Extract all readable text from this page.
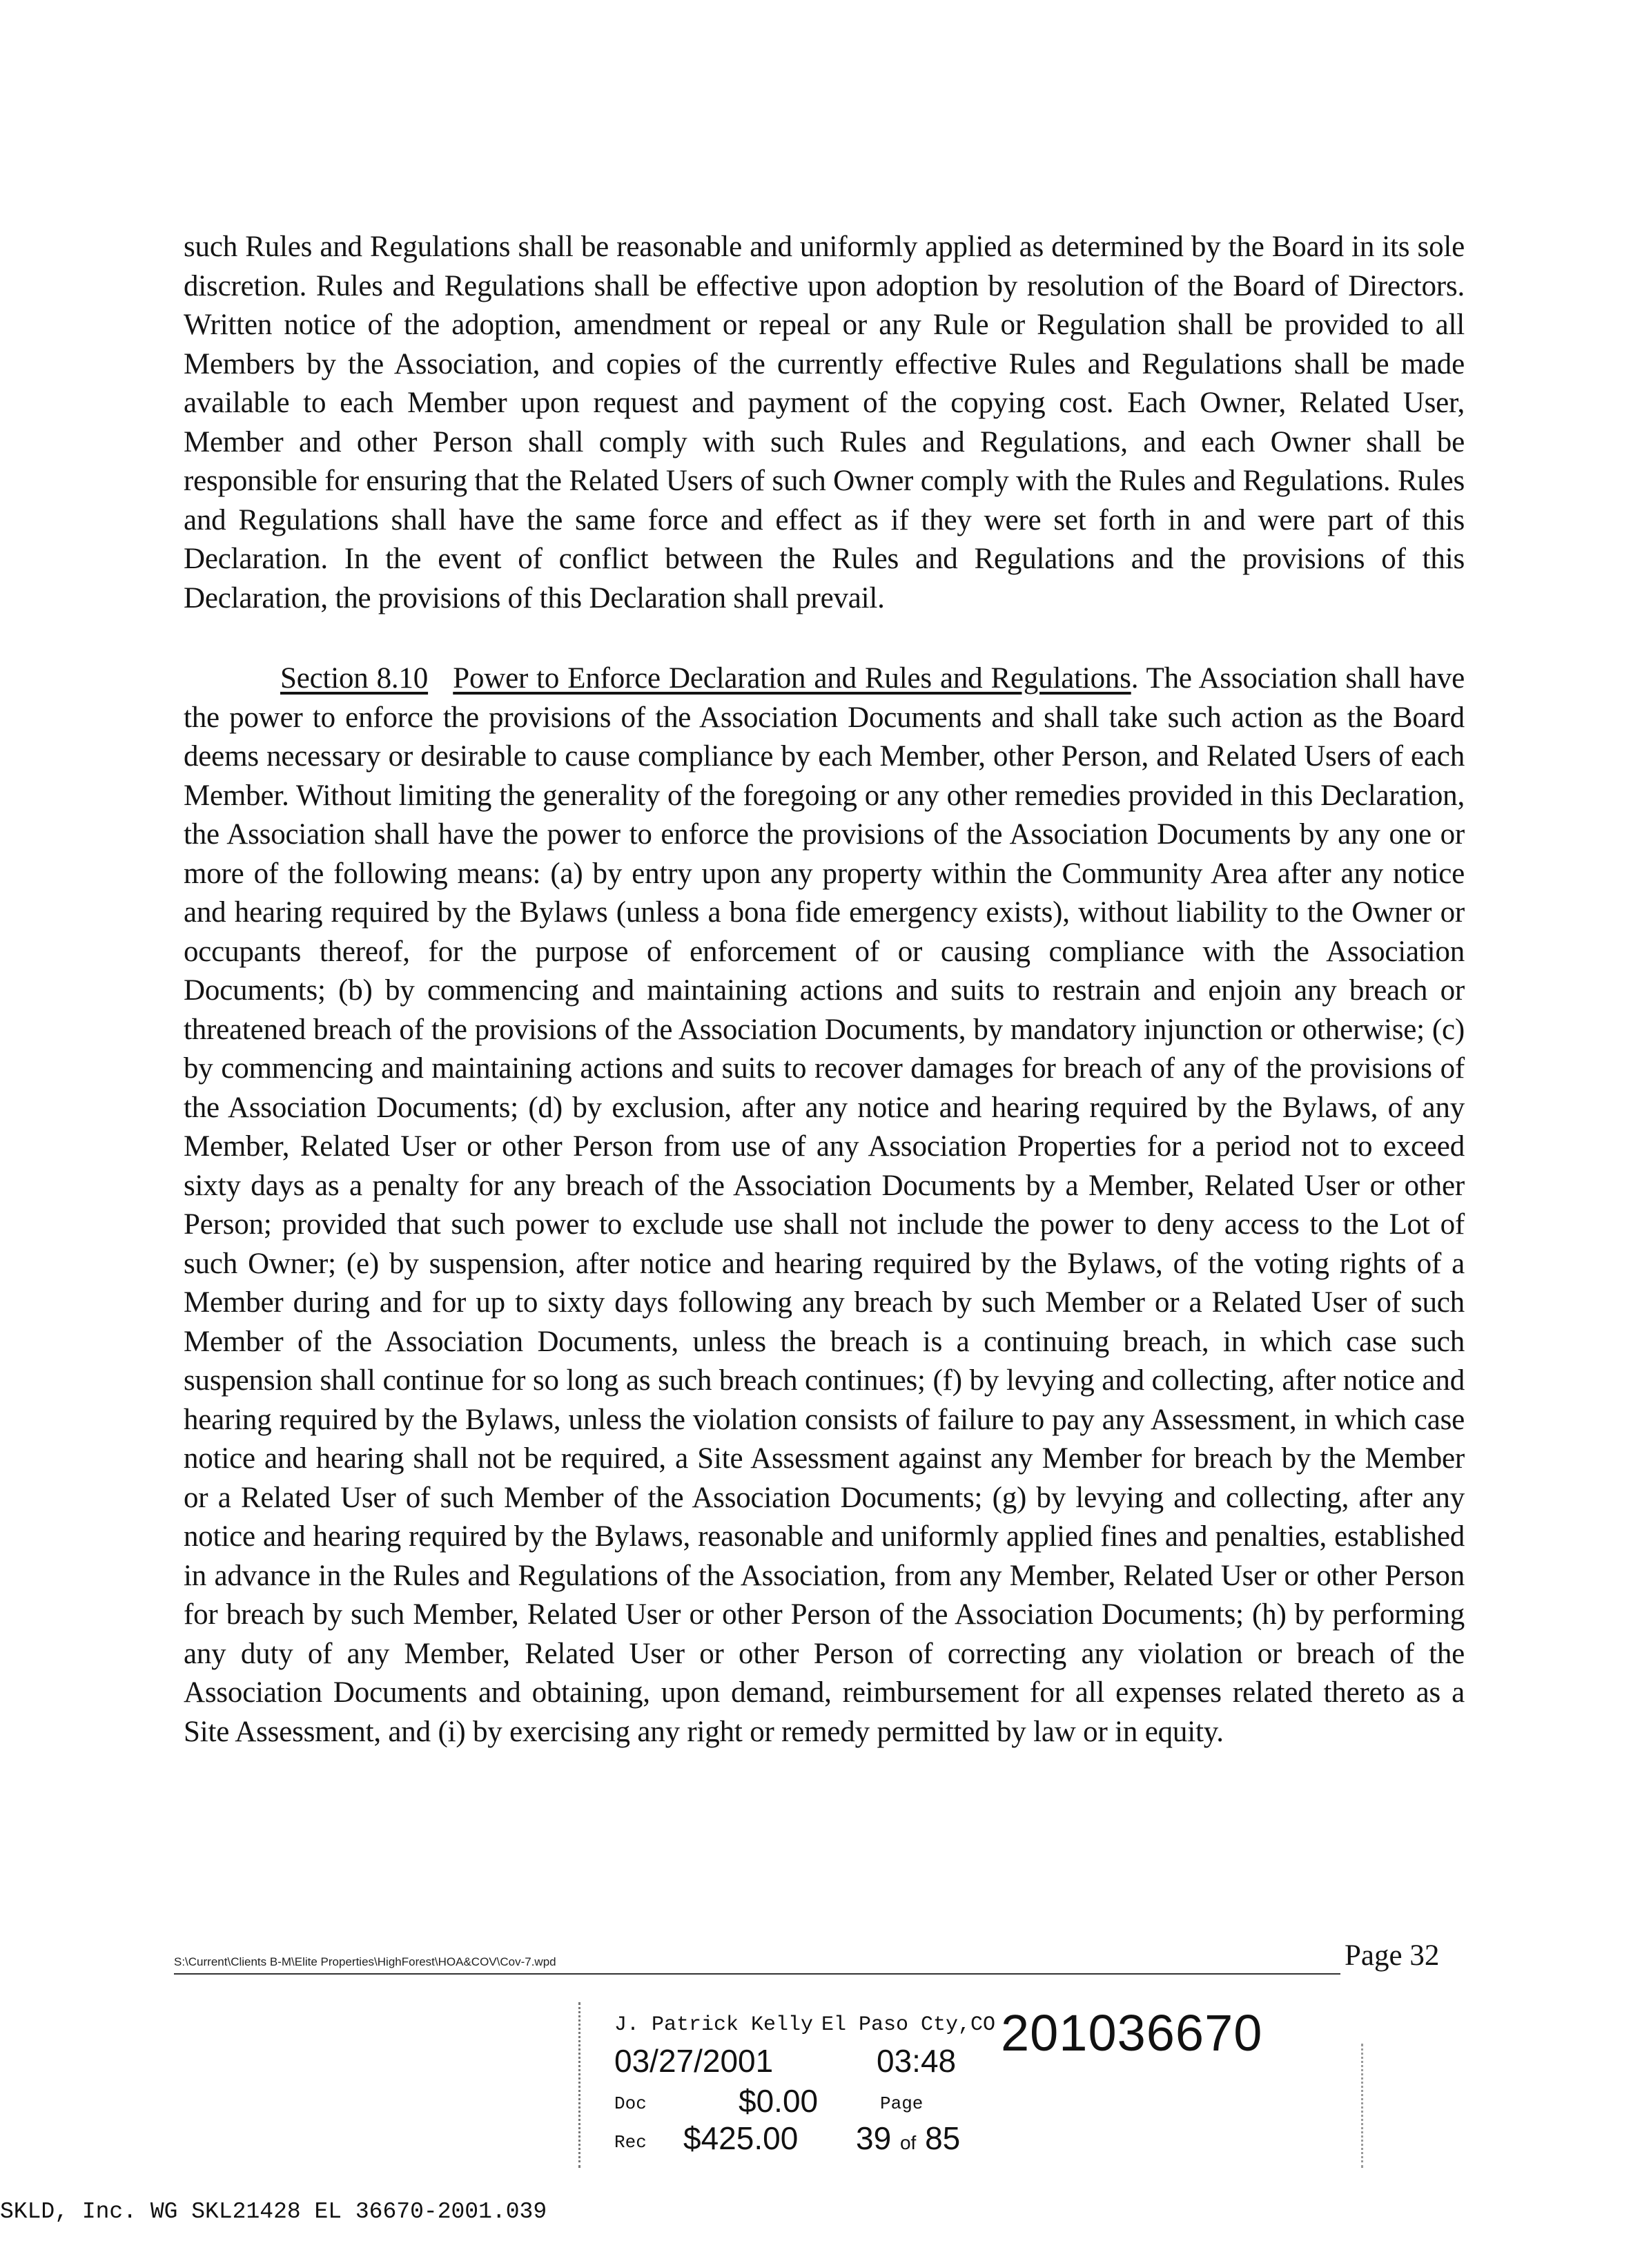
such Rules and Regulations shall be reasonable and uniformly applied as determined by the Board in its sole discretion. Rules and Regulations shall be effective upon adoption by resolution of the Board of Directors. Written notice of the adoption, amendment or repeal or any Rule or Regulation shall be provided to all Members by the Association, and copies of the currently effective Rules and Regulations shall be made available to each Member upon request and payment of the copying cost. Each Owner, Related User, Member and other Person shall comply with such Rules and Regulations, and each Owner shall be responsible for ensuring that the Related Users of such Owner comply with the Rules and Regulations. Rules and Regulations shall have the same force and effect as if they were set forth in and were part of this Declaration. In the event of conflict between the Rules and Regulations and the provisions of this Declaration, the provisions of this Declaration shall prevail.

Section 8.10 Power to Enforce Declaration and Rules and Regulations. The Association shall have the power to enforce the provisions of the Association Documents and shall take such action as the Board deems necessary or desirable to cause compliance by each Member, other Person, and Related Users of each Member. Without limiting the generality of the foregoing or any other remedies provided in this Declaration, the Association shall have the power to enforce the provisions of the Association Documents by any one or more of the following means: (a) by entry upon any property within the Community Area after any notice and hearing required by the Bylaws (unless a bona fide emergency exists), without liability to the Owner or occupants thereof, for the purpose of enforcement of or causing compliance with the Association Documents; (b) by commencing and maintaining actions and suits to restrain and enjoin any breach or threatened breach of the provisions of the Association Documents, by mandatory injunction or otherwise; (c) by commencing and maintaining actions and suits to recover damages for breach of any of the provisions of the Association Documents; (d) by exclusion, after any notice and hearing required by the Bylaws, of any Member, Related User or other Person from use of any Association Properties for a period not to exceed sixty days as a penalty for any breach of the Association Documents by a Member, Related User or other Person; provided that such power to exclude use shall not include the power to deny access to the Lot of such Owner; (e) by suspension, after notice and hearing required by the Bylaws, of the voting rights of a Member during and for up to sixty days following any breach by such Member or a Related User of such Member of the Association Documents, unless the breach is a continuing breach, in which case such suspension shall continue for so long as such breach continues; (f) by levying and collecting, after notice and hearing required by the Bylaws, unless the violation consists of failure to pay any Assessment, in which case notice and hearing shall not be required, a Site Assessment against any Member for breach by the Member or a Related User of such Member of the Association Documents; (g) by levying and collecting, after any notice and hearing required by the Bylaws, reasonable and uniformly applied fines and penalties, established in advance in the Rules and Regulations of the Association, from any Member, Related User or other Person for breach by such Member, Related User or other Person of the Association Documents; (h) by performing any duty of any Member, Related User or other Person of correcting any violation or breach of the Association Documents and obtaining, upon demand, reimbursement for all expenses related thereto as a Site Assessment, and (i) by exercising any right or remedy permitted by law or in equity.

S:\Current\Clients B-M\Elite Properties\HighForest\HOA&COV\Cov-7.wpd	Page 32
J. Patrick Kelly El Paso Cty,CO 201036670
03/27/2001	03:48
Doc	$0.00	Page
Rec $425.00 39 of 85
SKLD, Inc. WG SKL21428 EL 36670-2001.039
